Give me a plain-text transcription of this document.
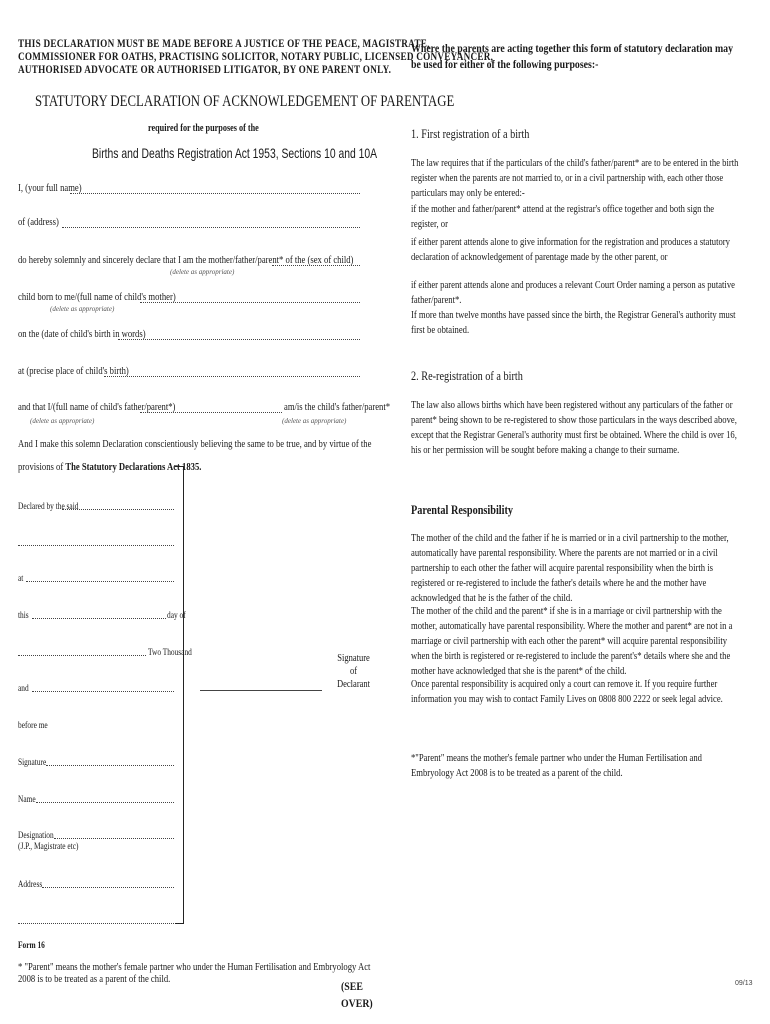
THIS DECLARATION MUST BE MADE BEFORE A JUSTICE OF THE PEACE, MAGISTRATE,
COMMISSIONER FOR OATHS, PRACTISING SOLICITOR, NOTARY PUBLIC, LICENSED CONVEYANCER,
AUTHORISED ADVOCATE OR AUTHORISED LITIGATOR, BY ONE PARENT ONLY.
STATUTORY DECLARATION OF ACKNOWLEDGEMENT OF PARENTAGE
required for the purposes of the
Births and Deaths Registration Act 1953, Sections 10 and 10A
I, (your full name)
of (address)
do hereby solemnly and sincerely declare that I am the mother/father/parent* of the (sex of child)
(delete as appropriate)
child born to me/(full name of child's mother)
(delete as appropriate)
on the (date of child's birth in words)
at (precise place of child's birth)
and that I/(full name of child's father/parent*)	am/is the child's father/parent*
(delete as appropriate)	(delete as appropriate)
And I make this solemn Declaration conscientiously believing the same to be true, and by virtue of the
provisions of The Statutory Declarations Act 1835.
Declared by the said
at
this	day of
Two Thousand
and
Signature
of
Declarant
before me
Signature
Name
Designation
(J.P., Magistrate etc)
Address
Form 16
* "Parent" means the mother's female partner who under the Human Fertilisation and Embryology Act 2008 is to be treated as a parent of the child.	(SEE
OVER)
Where the parents are acting together this form of statutory declaration may be used for either of the following purposes:-
1. First registration of a birth
The law requires that if the particulars of the child's father/parent* are to be entered in the birth register when the parents are not married to, or in a civil partnership with, each other those particulars may only be entered:-
if the mother and father/parent* attend at the registrar's office together and both sign the register, or
if either parent attends alone to give information for the registration and produces a statutory declaration of acknowledgement of parentage made by the other parent, or
if either parent attends alone and produces a relevant Court Order naming a person as putative father/parent*.
If more than twelve months have passed since the birth, the Registrar General's authority must first be obtained.
2. Re-registration of a birth
The law also allows births which have been registered without any particulars of the father or parent* being shown to be re-registered to show those particulars in the ways described above, except that the Registrar General's authority must first be obtained. Where the child is over 16, his or her permission will be sought before making a change to their surname.
Parental Responsibility
The mother of the child and the father if he is married or in a civil partnership to the mother, automatically have parental responsibility. Where the parents are not married or in a civil partnership to each other the father will acquire parental responsibility when the birth is registered or re-registered to include the father's details where he and the mother have acknowledged that he is the father of the child.
The mother of the child and the parent* if she is in a marriage or civil partnership with the mother, automatically have parental responsibility. Where the mother and parent* are not in a marriage or civil partnership with each other the parent* will acquire parental responsibility when the birth is registered or re-registered to include the parent's* details where she and the mother have acknowledged that she is the parent* of the child.
Once parental responsibility is acquired only a court can remove it. If you require further information you may wish to contact Family Lives on 0808 800 2222 or seek legal advice.
*"Parent" means the mother's female partner who under the Human Fertilisation and Embryology Act 2008 is to be treated as a parent of the child.
09/13
